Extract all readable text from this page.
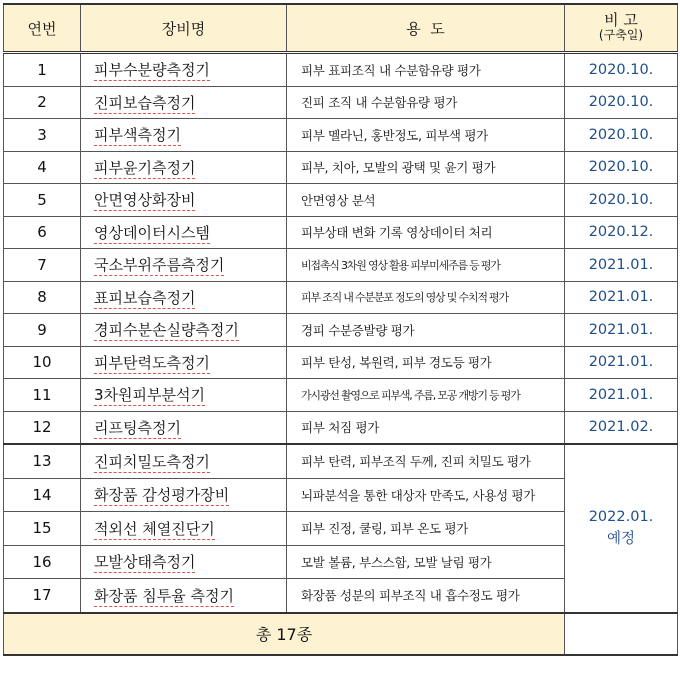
연번	장비명	용  도	비 고
(구축일)

1	피부수분량측정기	피부 표피조직 내 수분함유량 평가	2020.10.
2	진피보습측정기	진피 조직 내 수분함유량 평가	2020.10.
3	피부색측정기	피부 멜라닌, 홍반정도, 피부색 평가	2020.10.
4	피부윤기측정기	피부, 치아, 모발의 광택 및 윤기 평가	2020.10.
5	안면영상화장비	안면영상 분석	2020.10.
6	영상데이터시스템	피부상태 변화 기록 영상데이터 처리	2020.12.
7	국소부위주름측정기	비접촉식 3차원 영상 활용 피부미세주름 등 평가	2021.01.
8	표피보습측정기	피부 조직 내 수분분포 정도의 영상 및 수치적 평가	2021.01.
9	경피수분손실량측정기	경피 수분증발량 평가	2021.01.
10	피부탄력도측정기	피부 탄성, 복원력, 피부 경도등 평가	2021.01.
11	3차원피부분석기	가시광선 촬영으로 피부색, 주름, 모공 개방기 등 평가	2021.01.
12	리프팅측정기	피부 처짐 평가	2021.02.
13	진피치밀도측정기	피부 탄력, 피부조직 두께, 진피 치밀도 평가	2022.01.
예정

14	화장품 감성평가장비	뇌파분석을 통한 대상자 만족도, 사용성 평가	
15	적외선 체열진단기	피부 진정, 쿨링, 피부 온도 평가	
16	모발상태측정기	모발 볼륨, 부스스함, 모발 날림 평가	
17	화장품 침투율 측정기	화장품 성분의 피부조직 내 흡수정도 평가	
총 17종			
